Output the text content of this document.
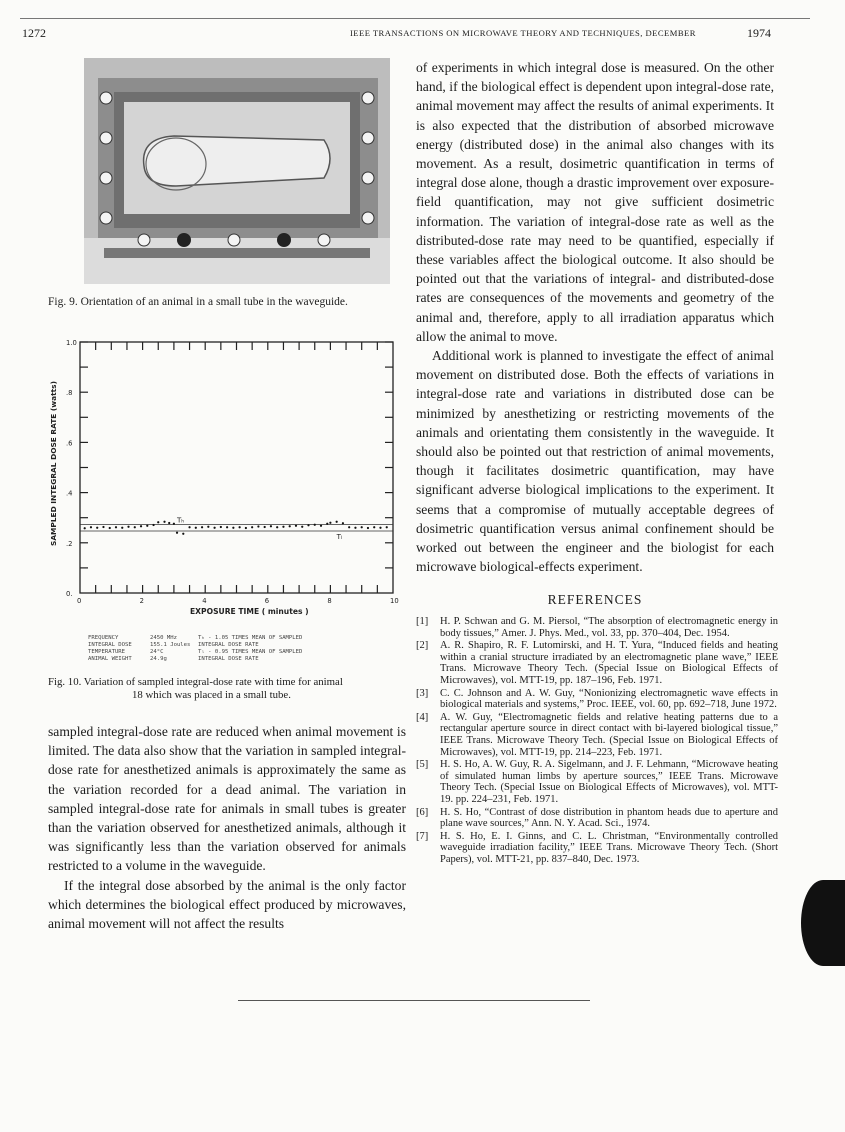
1272	IEEE TRANSACTIONS ON MICROWAVE THEORY AND TECHNIQUES, DECEMBER	1974
Fig. 9. Orientation of an animal in a small tube in the waveguide.
0	2	4	6	8	10
0.
.2
.4
.6
.8
1.0
Tₕ
Tₗ
SAMPLED INTEGRAL DOSE RATE (watts)
EXPOSURE TIME ( minutes )
FREQUENCY	2450 MHz	Tₕ - 1.05 TIMES MEAN OF SAMPLED
INTEGRAL DOSE	155.1 Joules	INTEGRAL DOSE RATE
TEMPERATURE	24°C	Tₗ - 0.95 TIMES MEAN OF SAMPLED
ANIMAL WEIGHT	24.9g	INTEGRAL DOSE RATE
Fig. 10. Variation of sampled integral-dose rate with time for animal
18 which was placed in a small tube.

sampled integral-dose rate are reduced when animal movement is limited. The data also show that the variation in sampled integral-dose rate for anesthetized animals is approximately the same as the variation recorded for a dead animal. The variation in sampled integral-dose rate for animals in small tubes is greater than the variation observed for anesthetized animals, although it was significantly less than the variation observed for animals restricted to a volume in the waveguide.

If the integral dose absorbed by the animal is the only factor which determines the biological effect produced by microwaves, animal movement will not affect the results

of experiments in which integral dose is measured. On the other hand, if the biological effect is dependent upon integral-dose rate, animal movement may affect the results of animal experiments. It is also expected that the distribution of absorbed microwave energy (distributed dose) in the animal also changes with its movement. As a result, dosimetric quantification in terms of integral dose alone, though a drastic improvement over exposure-field quantification, may not give sufficient dosimetric information. The variation of integral-dose rate as well as the distributed-dose rate may need to be quantified, especially if these variables affect the biological outcome. It also should be pointed out that the variations of integral- and distributed-dose rates are consequences of the movements and geometry of the animal and, therefore, apply to all irradiation apparatus which allow the animal to move.

Additional work is planned to investigate the effect of animal movement on distributed dose. Both the effects of variations in integral-dose rate and variations in distributed dose can be minimized by anesthetizing or restricting movements of the animals and orientating them consistently in the waveguide. It should also be pointed out that restriction of animal movements, though it facilitates dosimetric quantification, may have significant adverse biological implications to the experiment. It seems that a compromise of mutually acceptable degrees of dosimetric quantification versus animal confinement should be worked out between the engineer and the biologist for each microwave biological-effects experiment.

REFERENCES
[1]	H. P. Schwan and G. M. Piersol, “The absorption of electromagnetic energy in body tissues,” Amer. J. Phys. Med., vol. 33, pp. 370–404, Dec. 1954.
[2]	A. R. Shapiro, R. F. Lutomirski, and H. T. Yura, “Induced fields and heating within a cranial structure irradiated by an electromagnetic plane wave,” IEEE Trans. Microwave Theory Tech. (Special Issue on Biological Effects of Microwaves), vol. MTT-19, pp. 187–196, Feb. 1971.
[3]	C. C. Johnson and A. W. Guy, “Nonionizing electromagnetic wave effects in biological materials and systems,” Proc. IEEE, vol. 60, pp. 692–718, June 1972.
[4]	A. W. Guy, “Electromagnetic fields and relative heating patterns due to a rectangular aperture source in direct contact with bi-layered biological tissue,” IEEE Trans. Microwave Theory Tech. (Special Issue on Biological Effects of Microwaves), vol. MTT-19, pp. 214–223, Feb. 1971.
[5]	H. S. Ho, A. W. Guy, R. A. Sigelmann, and J. F. Lehmann, “Microwave heating of simulated human limbs by aperture sources,” IEEE Trans. Microwave Theory Tech. (Special Issue on Biological Effects of Microwaves), vol. MTT-19. pp. 224–231, Feb. 1971.
[6]	H. S. Ho, “Contrast of dose distribution in phantom heads due to aperture and plane wave sources,” Ann. N. Y. Acad. Sci., 1974.
[7]	H. S. Ho, E. I. Ginns, and C. L. Christman, “Environmentally controlled waveguide irradiation facility,” IEEE Trans. Microwave Theory Tech. (Short Papers), vol. MTT-21, pp. 837–840, Dec. 1973.
